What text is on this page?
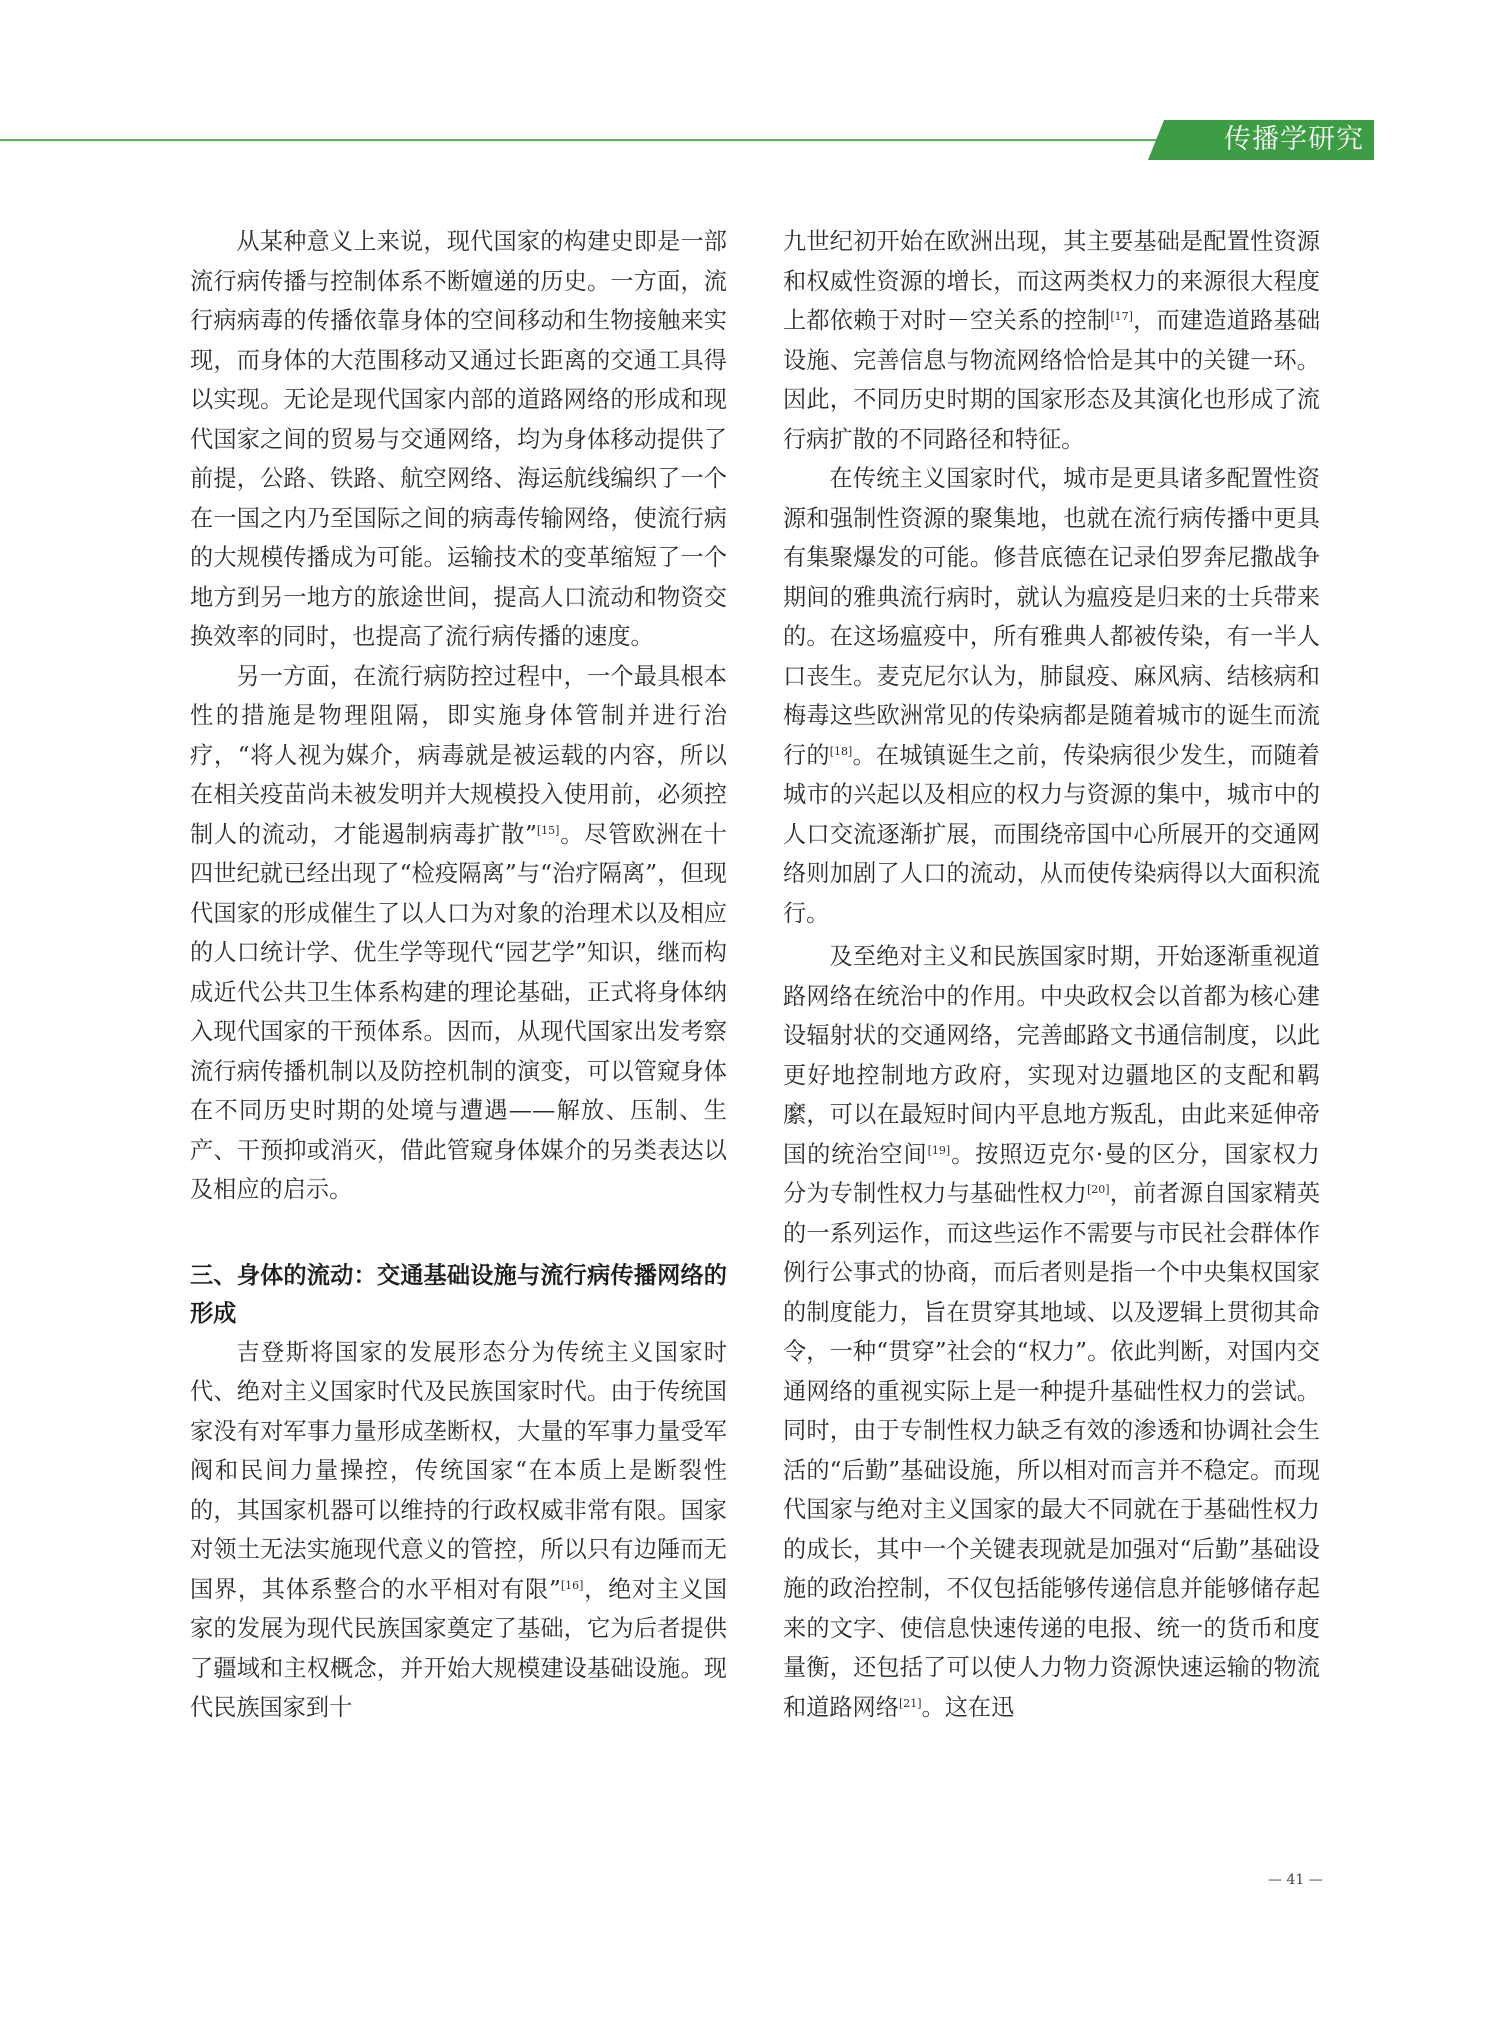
传播学研究

从某种意义上来说，现代国家的构建史即是一部流行病传播与控制体系不断嬗递的历史。一方面，流行病病毒的传播依靠身体的空间移动和生物接触来实现，而身体的大范围移动又通过长距离的交通工具得以实现。无论是现代国家内部的道路网络的形成和现代国家之间的贸易与交通网络，均为身体移动提供了前提，公路、铁路、航空网络、海运航线编织了一个在一国之内乃至国际之间的病毒传输网络，使流行病的大规模传播成为可能。运输技术的变革缩短了一个地方到另一地方的旅途世间，提高人口流动和物资交换效率的同时，也提高了流行病传播的速度。

另一方面，在流行病防控过程中，一个最具根本性的措施是物理阻隔，即实施身体管制并进行治疗，“将人视为媒介，病毒就是被运载的内容，所以在相关疫苗尚未被发明并大规模投入使用前，必须控制人的流动，才能遏制病毒扩散”[15]。尽管欧洲在十四世纪就已经出现了“检疫隔离”与“治疗隔离”，但现代国家的形成催生了以人口为对象的治理术以及相应的人口统计学、优生学等现代“园艺学”知识，继而构成近代公共卫生体系构建的理论基础，正式将身体纳入现代国家的干预体系。因而，从现代国家出发考察流行病传播机制以及防控机制的演变，可以管窥身体在不同历史时期的处境与遭遇——解放、压制、生产、干预抑或消灭，借此管窥身体媒介的另类表达以及相应的启示。

三、身体的流动：交通基础设施与流行病传播网络的形成

吉登斯将国家的发展形态分为传统主义国家时代、绝对主义国家时代及民族国家时代。由于传统国家没有对军事力量形成垄断权，大量的军事力量受军阀和民间力量操控，传统国家“在本质上是断裂性的，其国家机器可以维持的行政权威非常有限。国家对领土无法实施现代意义的管控，所以只有边陲而无国界，其体系整合的水平相对有限”[16]，绝对主义国家的发展为现代民族国家奠定了基础，它为后者提供了疆域和主权概念，并开始大规模建设基础设施。现代民族国家到十

九世纪初开始在欧洲出现，其主要基础是配置性资源和权威性资源的增长，而这两类权力的来源很大程度上都依赖于对时－空关系的控制[17]，而建造道路基础设施、完善信息与物流网络恰恰是其中的关键一环。因此，不同历史时期的国家形态及其演化也形成了流行病扩散的不同路径和特征。

在传统主义国家时代，城市是更具诸多配置性资源和强制性资源的聚集地，也就在流行病传播中更具有集聚爆发的可能。修昔底德在记录伯罗奔尼撒战争期间的雅典流行病时，就认为瘟疫是归来的士兵带来的。在这场瘟疫中，所有雅典人都被传染，有一半人口丧生。麦克尼尔认为，肺鼠疫、麻风病、结核病和梅毒这些欧洲常见的传染病都是随着城市的诞生而流行的[18]。在城镇诞生之前，传染病很少发生，而随着城市的兴起以及相应的权力与资源的集中，城市中的人口交流逐渐扩展，而围绕帝国中心所展开的交通网络则加剧了人口的流动，从而使传染病得以大面积流行。

及至绝对主义和民族国家时期，开始逐渐重视道路网络在统治中的作用。中央政权会以首都为核心建设辐射状的交通网络，完善邮路文书通信制度，以此更好地控制地方政府，实现对边疆地区的支配和羁縻，可以在最短时间内平息地方叛乱，由此来延伸帝国的统治空间[19]。按照迈克尔·曼的区分，国家权力分为专制性权力与基础性权力[20]，前者源自国家精英的一系列运作，而这些运作不需要与市民社会群体作例行公事式的协商，而后者则是指一个中央集权国家的制度能力，旨在贯穿其地域、以及逻辑上贯彻其命令，一种“贯穿”社会的“权力”。依此判断，对国内交通网络的重视实际上是一种提升基础性权力的尝试。同时，由于专制性权力缺乏有效的渗透和协调社会生活的“后勤”基础设施，所以相对而言并不稳定。而现代国家与绝对主义国家的最大不同就在于基础性权力的成长，其中一个关键表现就是加强对“后勤”基础设施的政治控制，不仅包括能够传递信息并能够储存起来的文字、使信息快速传递的电报、统一的货币和度量衡，还包括了可以使人力物力资源快速运输的物流和道路网络[21]。这在迅

— 41 —
